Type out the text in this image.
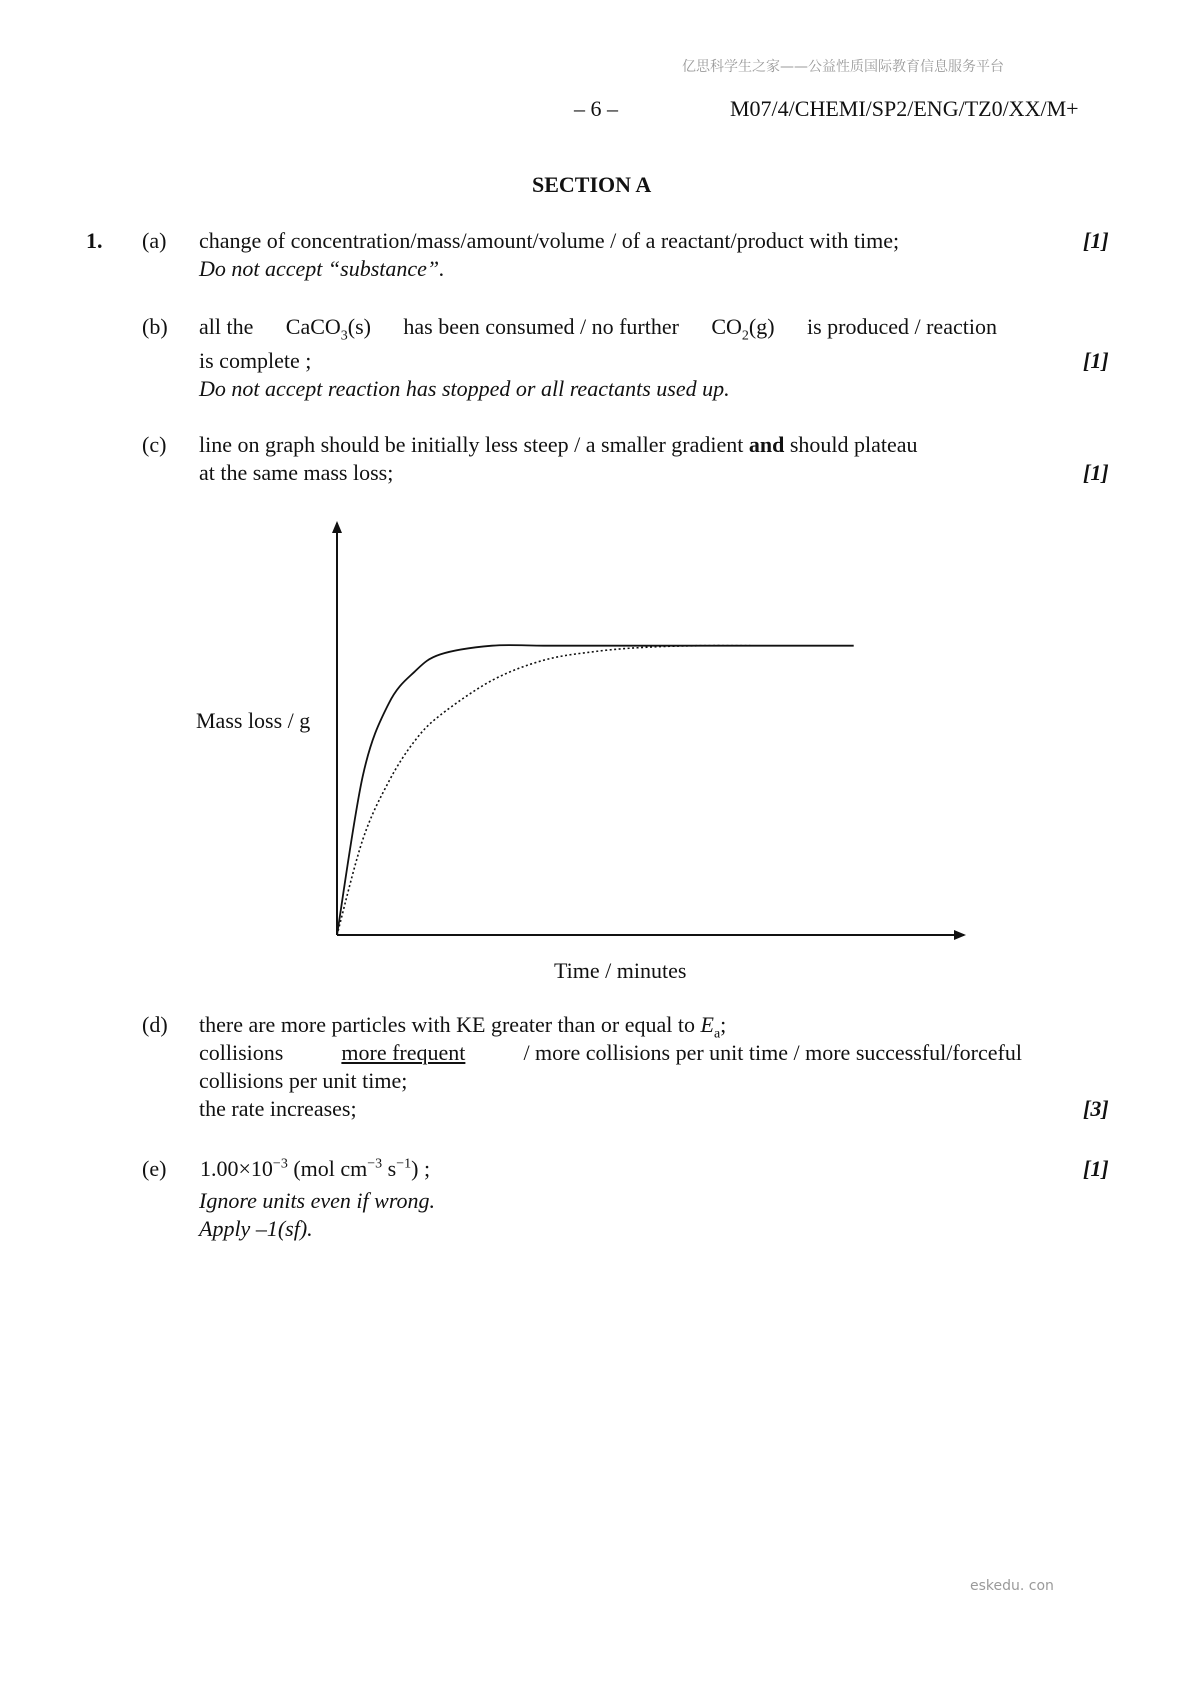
亿思科学生之家——公益性质国际教育信息服务平台
– 6 –	M07/4/CHEMI/SP2/ENG/TZ0/XX/M+
SECTION A
1. (a) change of concentration/mass/amount/volume / of a reactant/product with time;	[1]
Do not accept “substance”.
(b) all the CaCO$_3$(s) has been consumed / no further $CO_2(g)$ is produced / reaction
is complete ;	[1]
Do not accept reaction has stopped or all reactants used up.
(c) line on graph should be initially less steep / a smaller gradient and should plateau
at the same mass loss;	[1]
Mass loss / g
Time / minutes
(d) there are more particles with KE greater than or equal to $E_a$;
collisions	more frequent	/ more collisions per unit time / more successful/forceful
collisions per unit time;
the rate increases;	[3]
(e) $1.00\times 10^{-3}$ (mol $cm^{-3}$ $s^{-1}$) ;	[1]
Ignore units even if wrong.
Apply –1(sf).
eskedu. con
